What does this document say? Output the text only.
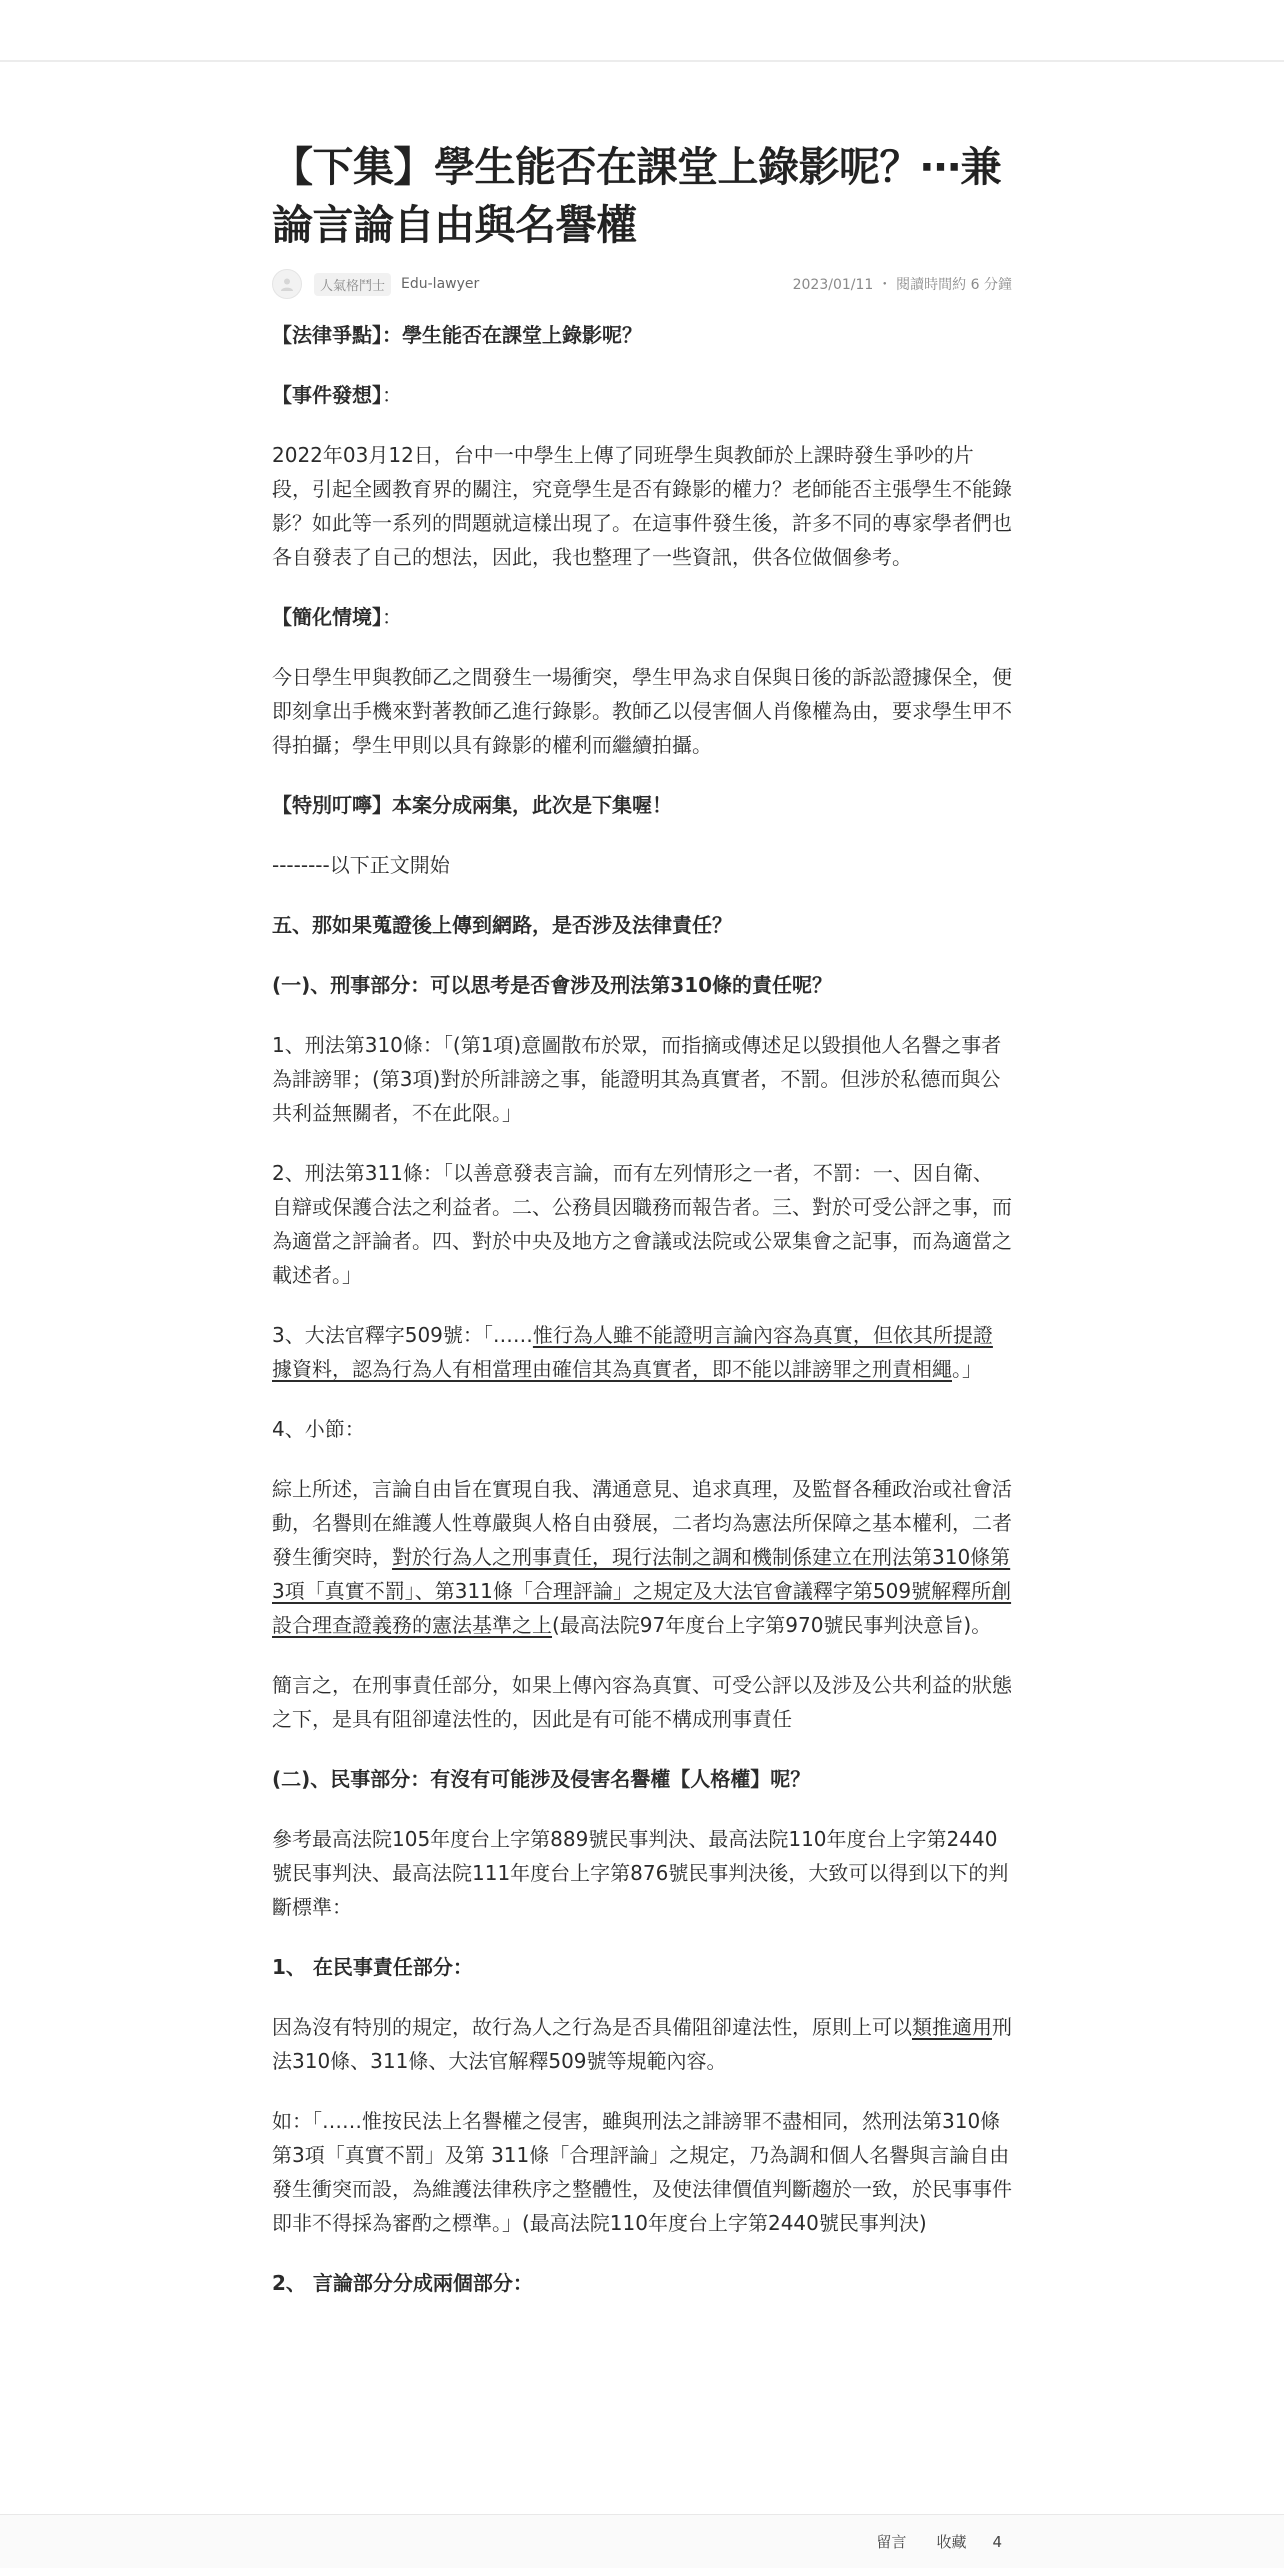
【下集】學生能否在課堂上錄影呢？⋯兼論言論自由與名譽權
人氣格鬥士	Edu-lawyer	2023/01/11 ・ 閱讀時間約 6 分鐘

【法律爭點】：學生能否在課堂上錄影呢？

【事件發想】：

2022年03月12日，台中一中學生上傳了同班學生與教師於上課時發生爭吵的片段，引起全國教育界的關注，究竟學生是否有錄影的權力？老師能否主張學生不能錄影？如此等一系列的問題就這樣出現了。在這事件發生後，許多不同的專家學者們也各自發表了自己的想法，因此，我也整理了一些資訊，供各位做個參考。

【簡化情境】：

今日學生甲與教師乙之間發生一場衝突，學生甲為求自保與日後的訴訟證據保全，便即刻拿出手機來對著教師乙進行錄影。教師乙以侵害個人肖像權為由，要求學生甲不得拍攝；學生甲則以具有錄影的權利而繼續拍攝。

【特別叮嚀】本案分成兩集，此次是下集喔！

--------以下正文開始

五、那如果蒐證後上傳到網路，是否涉及法律責任？

(一)、刑事部分：可以思考是否會涉及刑法第310條的責任呢？

1、刑法第310條：「(第1項)意圖散布於眾，而指摘或傳述足以毀損他人名譽之事者為誹謗罪；(第3項)對於所誹謗之事，能證明其為真實者，不罰。但涉於私德而與公共利益無關者，不在此限。」

2、刑法第311條：「以善意發表言論，而有左列情形之一者，不罰：一、因自衛、自辯或保護合法之利益者。二、公務員因職務而報告者。三、對於可受公評之事，而為適當之評論者。四、對於中央及地方之會議或法院或公眾集會之記事，而為適當之載述者。」

3、大法官釋字509號：「……惟行為人雖不能證明言論內容為真實，但依其所提證據資料，認為行為人有相當理由確信其為真實者，即不能以誹謗罪之刑責相繩。」

4、小節：

綜上所述，言論自由旨在實現自我、溝通意見、追求真理，及監督各種政治或社會活動，名譽則在維護人性尊嚴與人格自由發展，二者均為憲法所保障之基本權利，二者發生衝突時，對於行為人之刑事責任，現行法制之調和機制係建立在刑法第310條第3項「真實不罰」、第311條「合理評論」之規定及大法官會議釋字第509號解釋所創設合理查證義務的憲法基準之上(最高法院97年度台上字第970號民事判決意旨)。

簡言之，在刑事責任部分，如果上傳內容為真實、可受公評以及涉及公共利益的狀態之下，是具有阻卻違法性的，因此是有可能不構成刑事責任

(二)、民事部分：有沒有可能涉及侵害名譽權【人格權】呢？

參考最高法院105年度台上字第889號民事判決、最高法院110年度台上字第2440號民事判決、最高法院111年度台上字第876號民事判決後，大致可以得到以下的判斷標準：

1、 在民事責任部分：

因為沒有特別的規定，故行為人之行為是否具備阻卻違法性，原則上可以類推適用刑法310條、311條、大法官解釋509號等規範內容。

如：「……惟按民法上名譽權之侵害，雖與刑法之誹謗罪不盡相同，然刑法第310條第3項「真實不罰」及第 311條「合理評論」之規定，乃為調和個人名譽與言論自由發生衝突而設，為維護法律秩序之整體性，及使法律價值判斷趨於一致，於民事事件即非不得採為審酌之標準。」(最高法院110年度台上字第2440號民事判決)

2、 言論部分分成兩個部分：

留言 收藏 4
